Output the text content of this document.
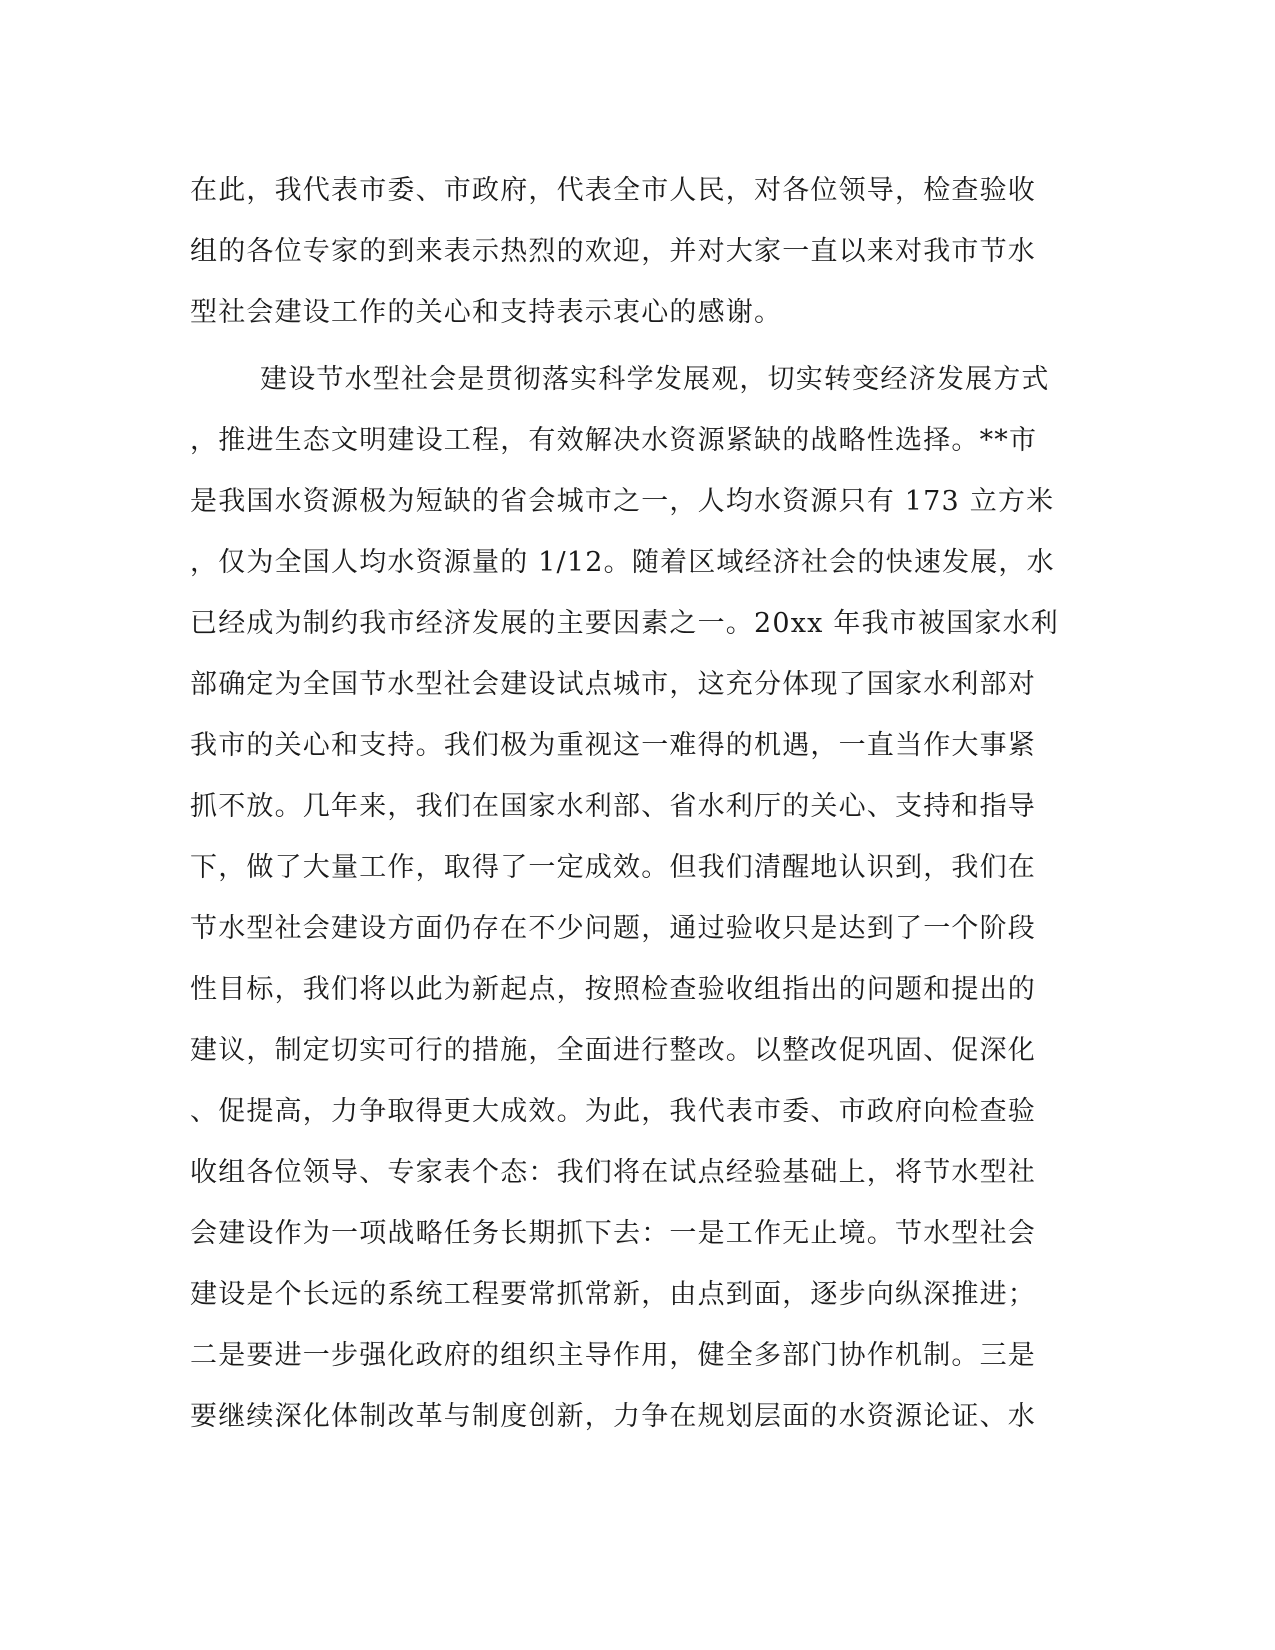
在此，我代表市委、市政府，代表全市人民，对各位领导，检查验收
组的各位专家的到来表示热烈的欢迎，并对大家一直以来对我市节水
型社会建设工作的关心和支持表示衷心的感谢。
建设节水型社会是贯彻落实科学发展观，切实转变经济发展方式
，推进生态文明建设工程，有效解决水资源紧缺的战略性选择。**市
是我国水资源极为短缺的省会城市之一，人均水资源只有 173 立方米
，仅为全国人均水资源量的 1/12。随着区域经济社会的快速发展，水
已经成为制约我市经济发展的主要因素之一。20xx 年我市被国家水利
部确定为全国节水型社会建设试点城市，这充分体现了国家水利部对
我市的关心和支持。我们极为重视这一难得的机遇，一直当作大事紧
抓不放。几年来，我们在国家水利部、省水利厅的关心、支持和指导
下，做了大量工作，取得了一定成效。但我们清醒地认识到，我们在
节水型社会建设方面仍存在不少问题，通过验收只是达到了一个阶段
性目标，我们将以此为新起点，按照检查验收组指出的问题和提出的
建议，制定切实可行的措施，全面进行整改。以整改促巩固、促深化
、促提高，力争取得更大成效。为此，我代表市委、市政府向检查验
收组各位领导、专家表个态：我们将在试点经验基础上，将节水型社
会建设作为一项战略任务长期抓下去：一是工作无止境。节水型社会
建设是个长远的系统工程要常抓常新，由点到面，逐步向纵深推进；
二是要进一步强化政府的组织主导作用，健全多部门协作机制。三是
要继续深化体制改革与制度创新，力争在规划层面的水资源论证、水
